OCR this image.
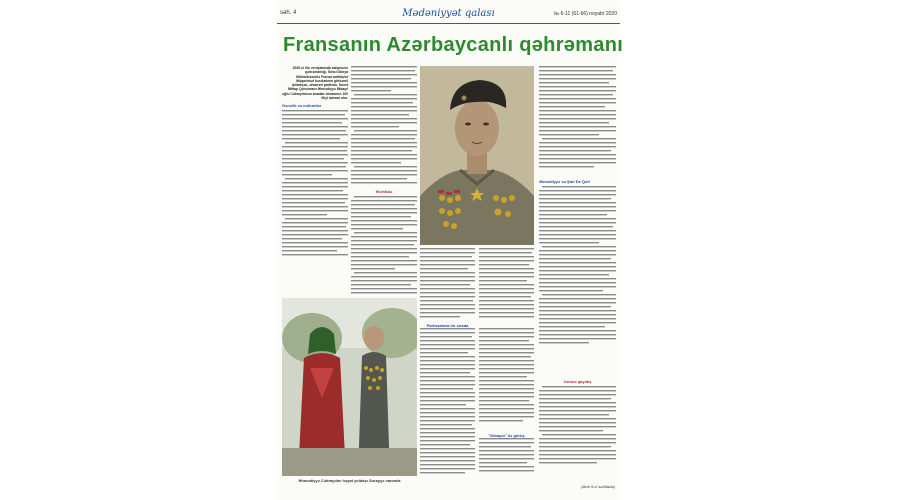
səh. 4	Mədəniyyət qalası	№ 6-11 (61-66) noyabr 2020
Fransanın Azərbaycanlı qəhrəmanı

2020-ci ilin ventyabında xalqımızın qəhrəmanlığı, İkinci Dünya Müharibəsində Fransa antifaşist Müqavimət hərəkatının görkəmli iştirakçısı, əfsanəvi partizan, Sovet İttifaqı Qəhrəmanı Əhmədiyyə Mikayıl oğlu Cəbrayılovun anadan olmasının 100 illiyi tamam olur.

Gənclik və müharibə
Əsirlikdə
Partizanlara bir sırada
"Mixayıo" ilə görüş
Əhmədiyyə Cəbrayılov həyat yoldaşı Surayyə xanımla
Əhmədiyyə və Şarl De Qoll
Vətənə qayıdış
(Ardı 5-ci səhifədə)
